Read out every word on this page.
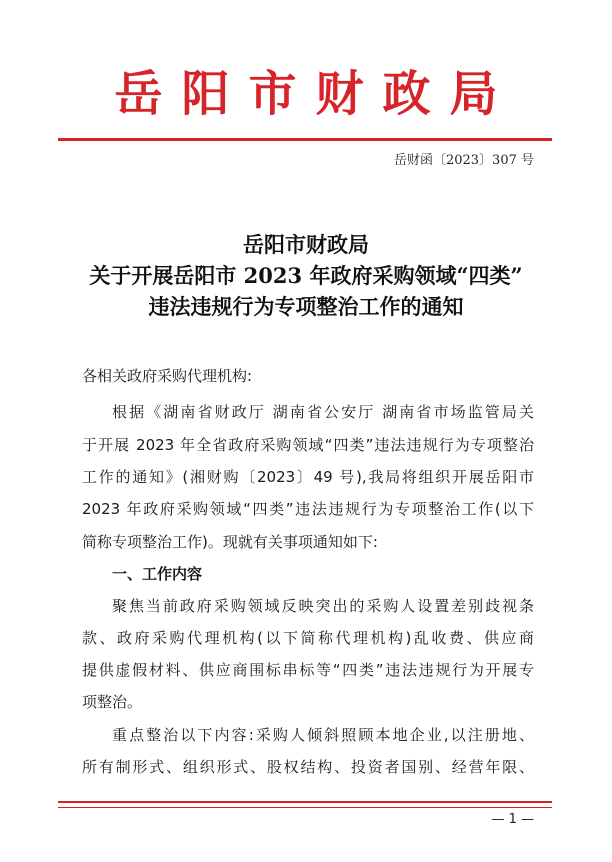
岳阳市财政局
岳财函〔2023〕307 号
岳阳市财政局
关于开展岳阳市 2023 年政府采购领域“四类”
违法违规行为专项整治工作的通知
各相关政府采购代理机构:
根据《湖南省财政厅 湖南省公安厅 湖南省市场监管局关
于开展 2023 年全省政府采购领域“四类”违法违规行为专项整治
工作的通知》(湘财购〔2023〕49 号),我局将组织开展岳阳市
2023 年政府采购领域“四类”违法违规行为专项整治工作(以下
简称专项整治工作)。现就有关事项通知如下:
一、工作内容
聚焦当前政府采购领域反映突出的采购人设置差别歧视条
款、政府采购代理机构(以下简称代理机构)乱收费、供应商
提供虚假材料、供应商围标串标等“四类”违法违规行为开展专
项整治。
重点整治以下内容:采购人倾斜照顾本地企业,以注册地、
所有制形式、组织形式、股权结构、投资者国别、经营年限、
— 1 —
